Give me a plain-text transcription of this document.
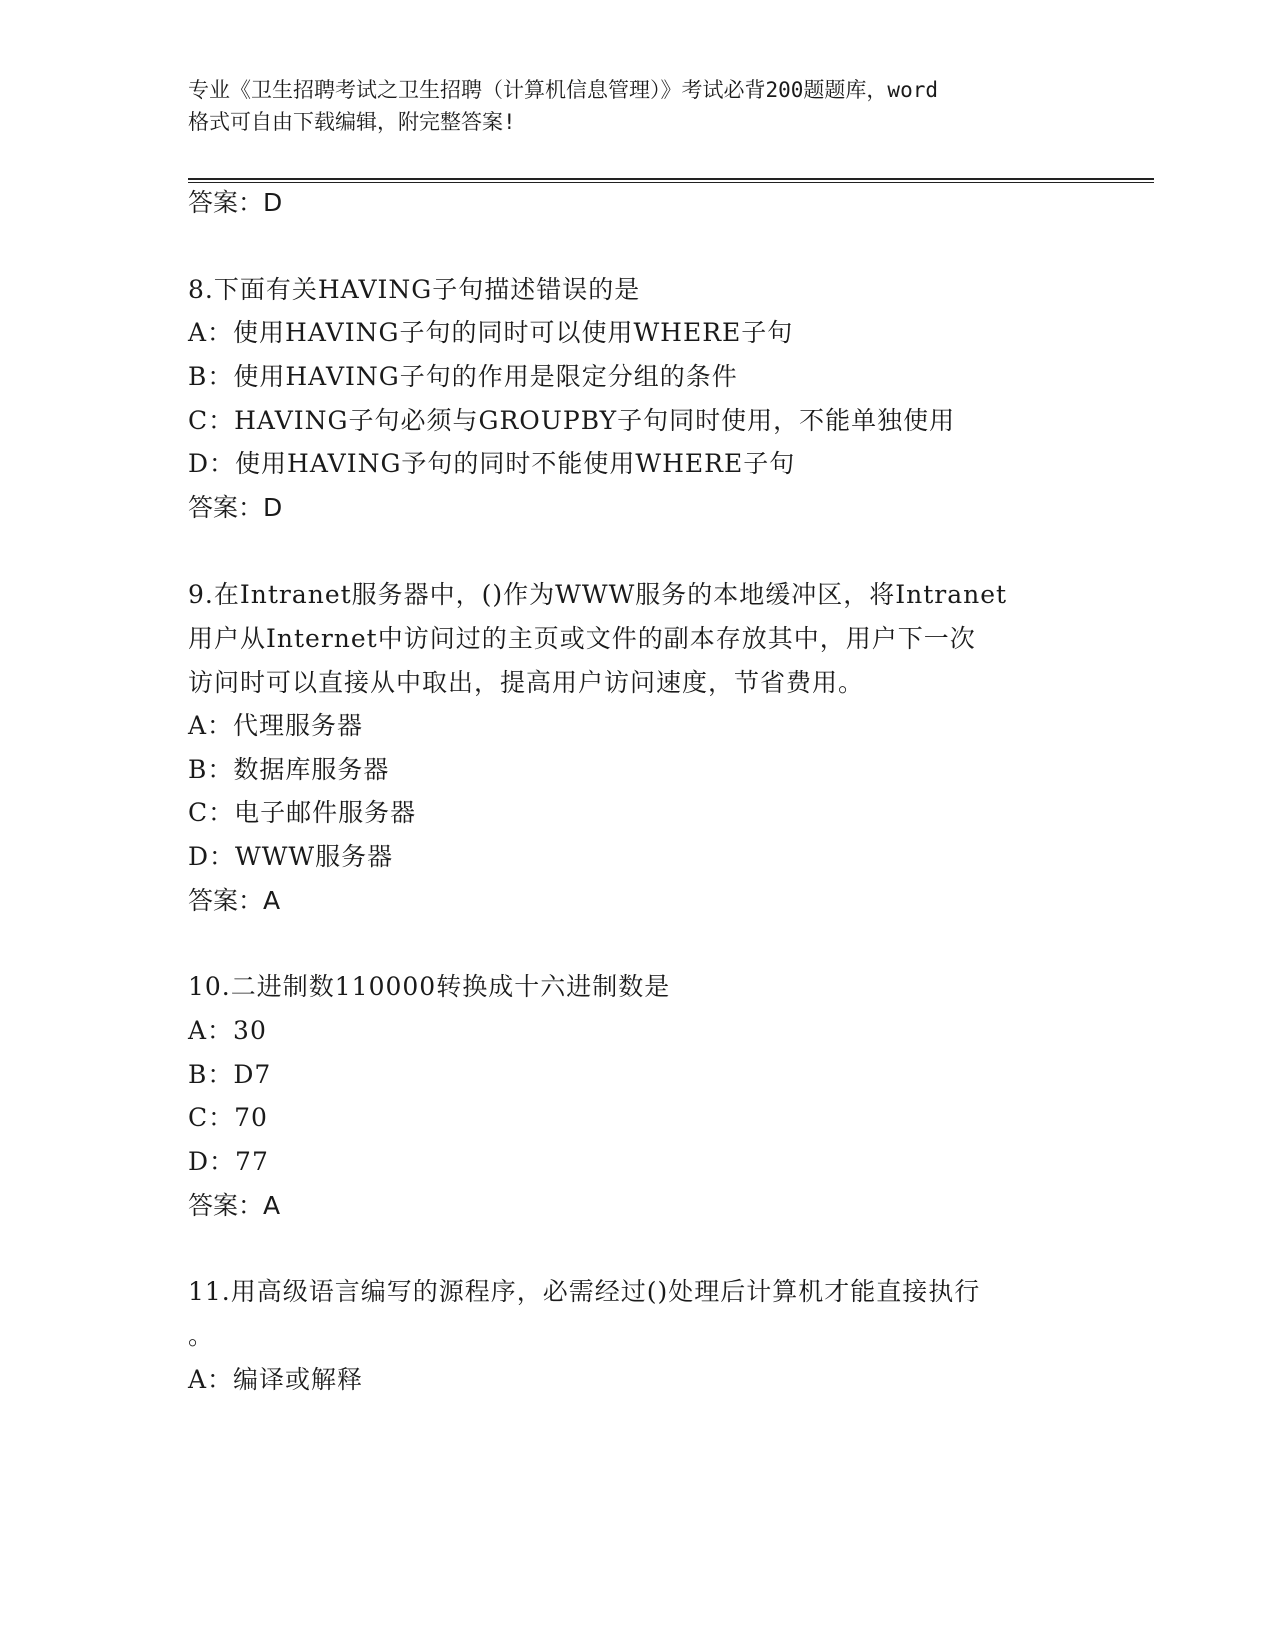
专业《卫生招聘考试之卫生招聘（计算机信息管理）》考试必背200题题库，word
格式可自由下载编辑，附完整答案!
答案：D
8.下面有关HAVING子句描述错误的是
A：使用HAVING子句的同时可以使用WHERE子句
B：使用HAVING子句的作用是限定分组的条件
C：HAVING子句必须与GROUPBY子句同时使用，不能单独使用
D：使用HAVING予句的同时不能使用WHERE子句
答案：D
9.在Intranet服务器中，()作为WWW服务的本地缓冲区，将Intranet
用户从Internet中访问过的主页或文件的副本存放其中，用户下一次
访问时可以直接从中取出，提高用户访问速度，节省费用。
A：代理服务器
B：数据库服务器
C：电子邮件服务器
D：WWW服务器
答案：A
10.二进制数110000转换成十六进制数是
A：30
B：D7
C：70
D：77
答案：A
11.用高级语言编写的源程序，必需经过()处理后计算机才能直接执行
。
A：编译或解释
